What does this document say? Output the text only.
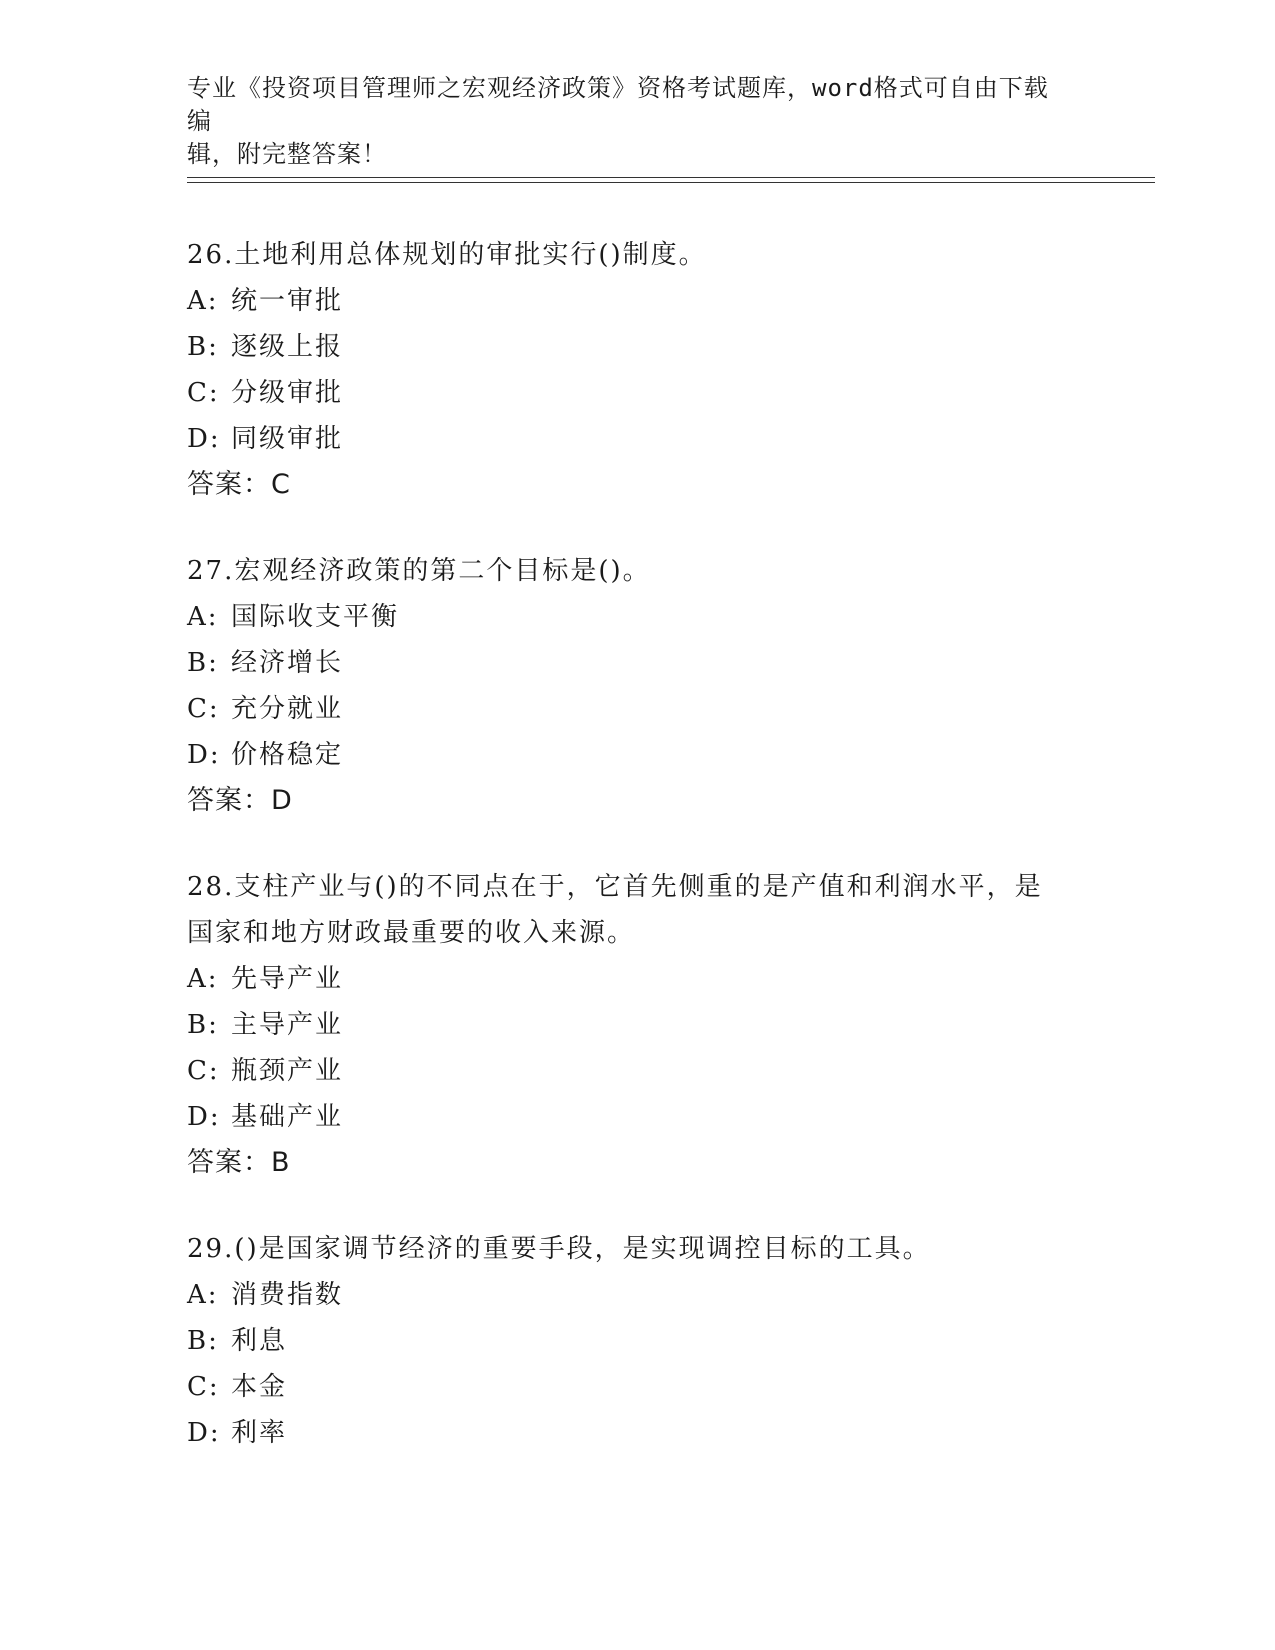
专业《投资项目管理师之宏观经济政策》资格考试题库，word格式可自由下载编
辑，附完整答案！
26.土地利用总体规划的审批实行()制度。
A: 统一审批
B: 逐级上报
C: 分级审批
D: 同级审批
答案：C
27.宏观经济政策的第二个目标是()。
A: 国际收支平衡
B: 经济增长
C: 充分就业
D: 价格稳定
答案：D
28.支柱产业与()的不同点在于，它首先侧重的是产值和利润水平，是
国家和地方财政最重要的收入来源。
A: 先导产业
B: 主导产业
C: 瓶颈产业
D: 基础产业
答案：B
29.()是国家调节经济的重要手段，是实现调控目标的工具。
A: 消费指数
B: 利息
C: 本金
D: 利率
